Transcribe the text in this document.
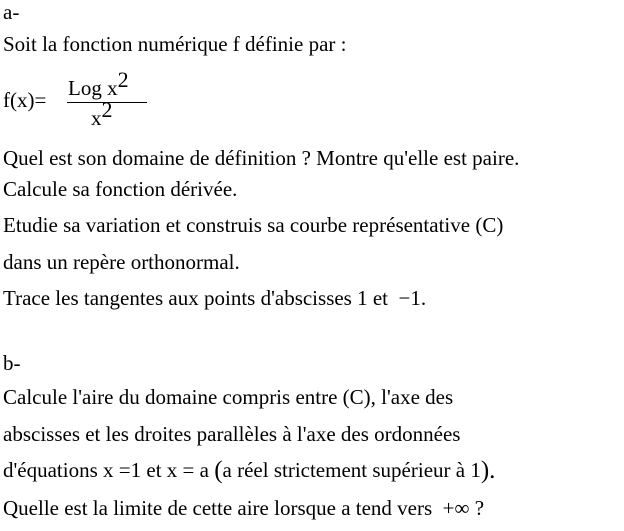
a-
Soit la fonction numérique f définie par :
f(x)= Log $x^2$
$x^2$
Quel est son domaine de définition ? Montre qu'elle est paire.
Calcule sa fonction dérivée.
Etudie sa variation et construis sa courbe représentative (C)
dans un repère orthonormal.
Trace les tangentes aux points d'abscisses 1 et −1.
b-
Calcule l'aire du domaine compris entre (C), l'axe des
abscisses et les droites parallèles à l'axe des ordonnées
d'équations x =1 et x = a (a réel strictement supérieur à 1).
Quelle est la limite de cette aire lorsque a tend vers +∞ ?
